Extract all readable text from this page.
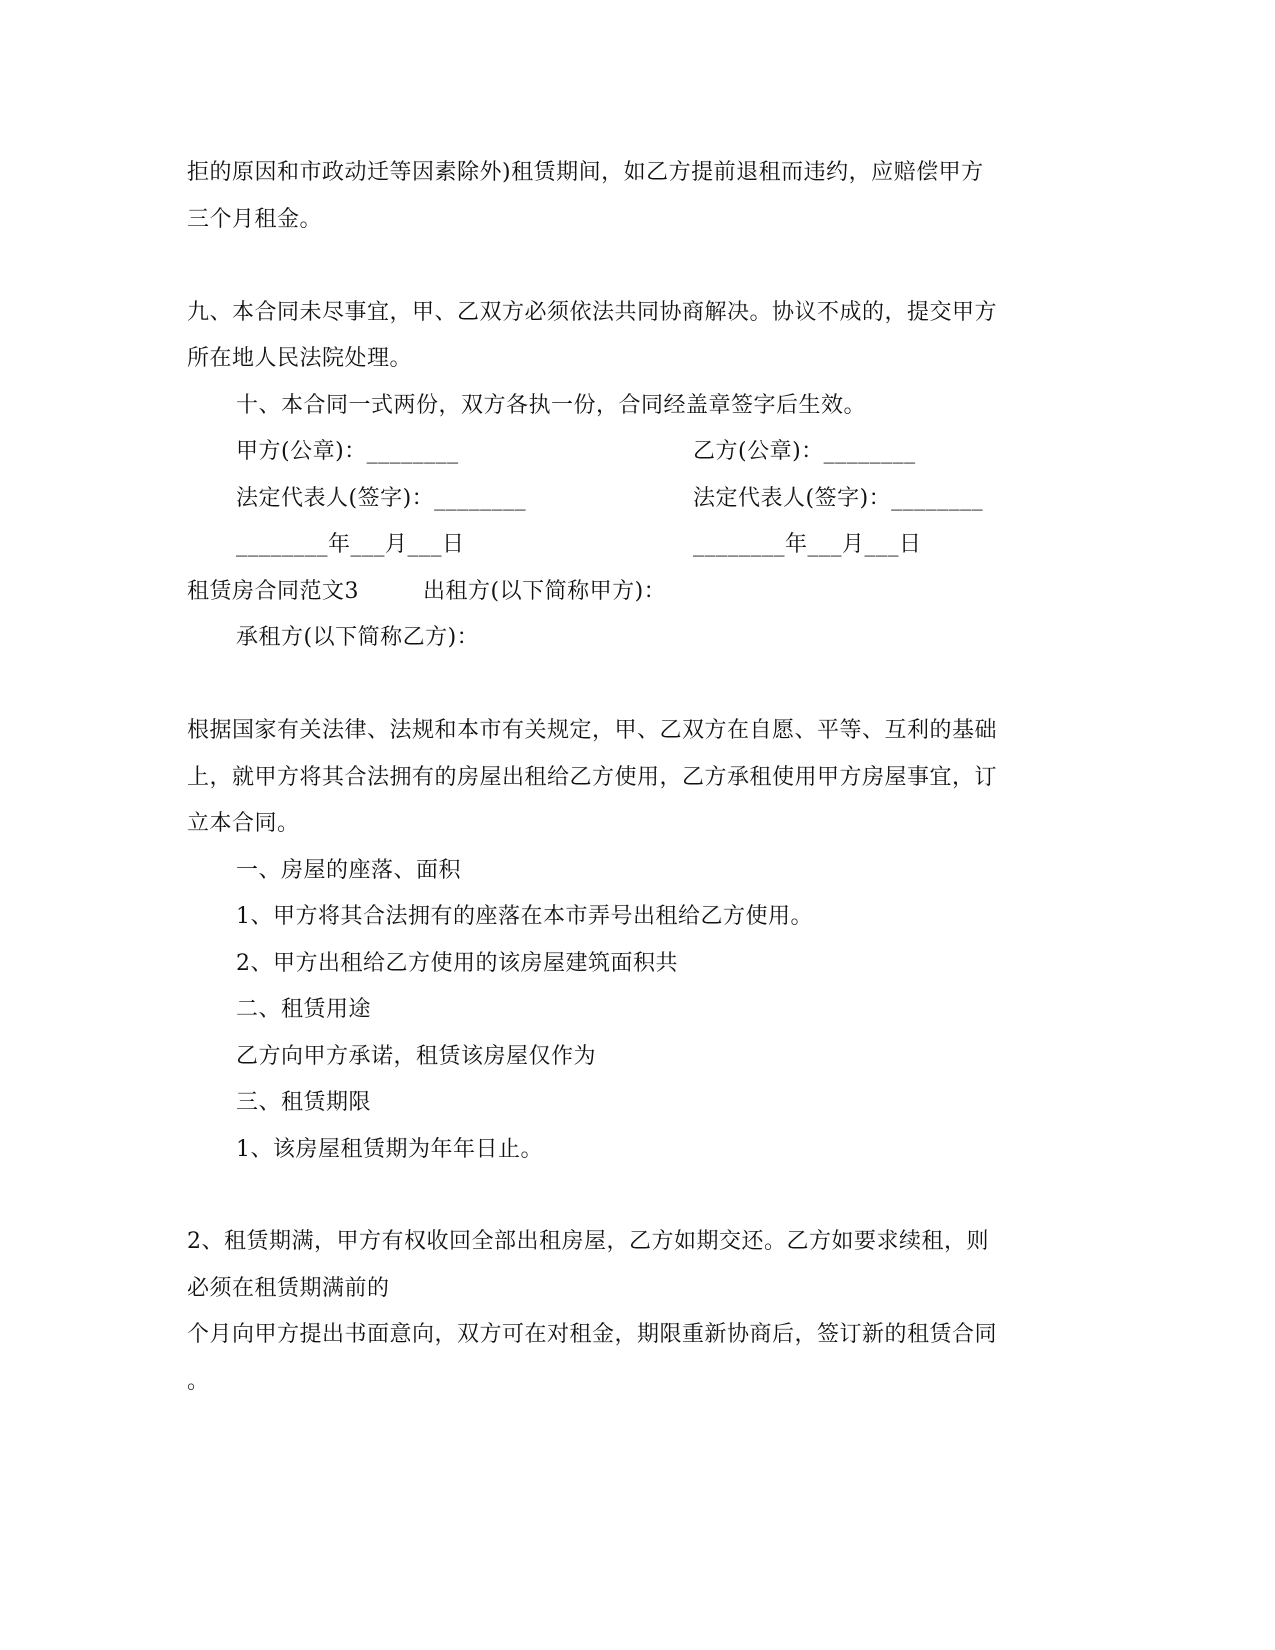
拒的原因和市政动迁等因素除外)租赁期间，如乙方提前退租而违约，应赔偿甲方
三个月租金。
九、本合同未尽事宜，甲、乙双方必须依法共同协商解决。协议不成的，提交甲方
所在地人民法院处理。
十、本合同一式两份，双方各执一份，合同经盖章签字后生效。
甲方(公章)：________	乙方(公章)：________
法定代表人(签字)：________	法定代表人(签字)：________
________年___月___日	________年___月___日
租赁房合同范文3	出租方(以下简称甲方)：
承租方(以下简称乙方)：
根据国家有关法律、法规和本市有关规定，甲、乙双方在自愿、平等、互利的基础
上，就甲方将其合法拥有的房屋出租给乙方使用，乙方承租使用甲方房屋事宜，订
立本合同。
一、房屋的座落、面积
1、甲方将其合法拥有的座落在本市弄号出租给乙方使用。
2、甲方出租给乙方使用的该房屋建筑面积共
二、租赁用途
乙方向甲方承诺，租赁该房屋仅作为
三、租赁期限
1、该房屋租赁期为年年日止。
2、租赁期满，甲方有权收回全部出租房屋，乙方如期交还。乙方如要求续租，则
必须在租赁期满前的
个月向甲方提出书面意向，双方可在对租金，期限重新协商后，签订新的租赁合同
。
